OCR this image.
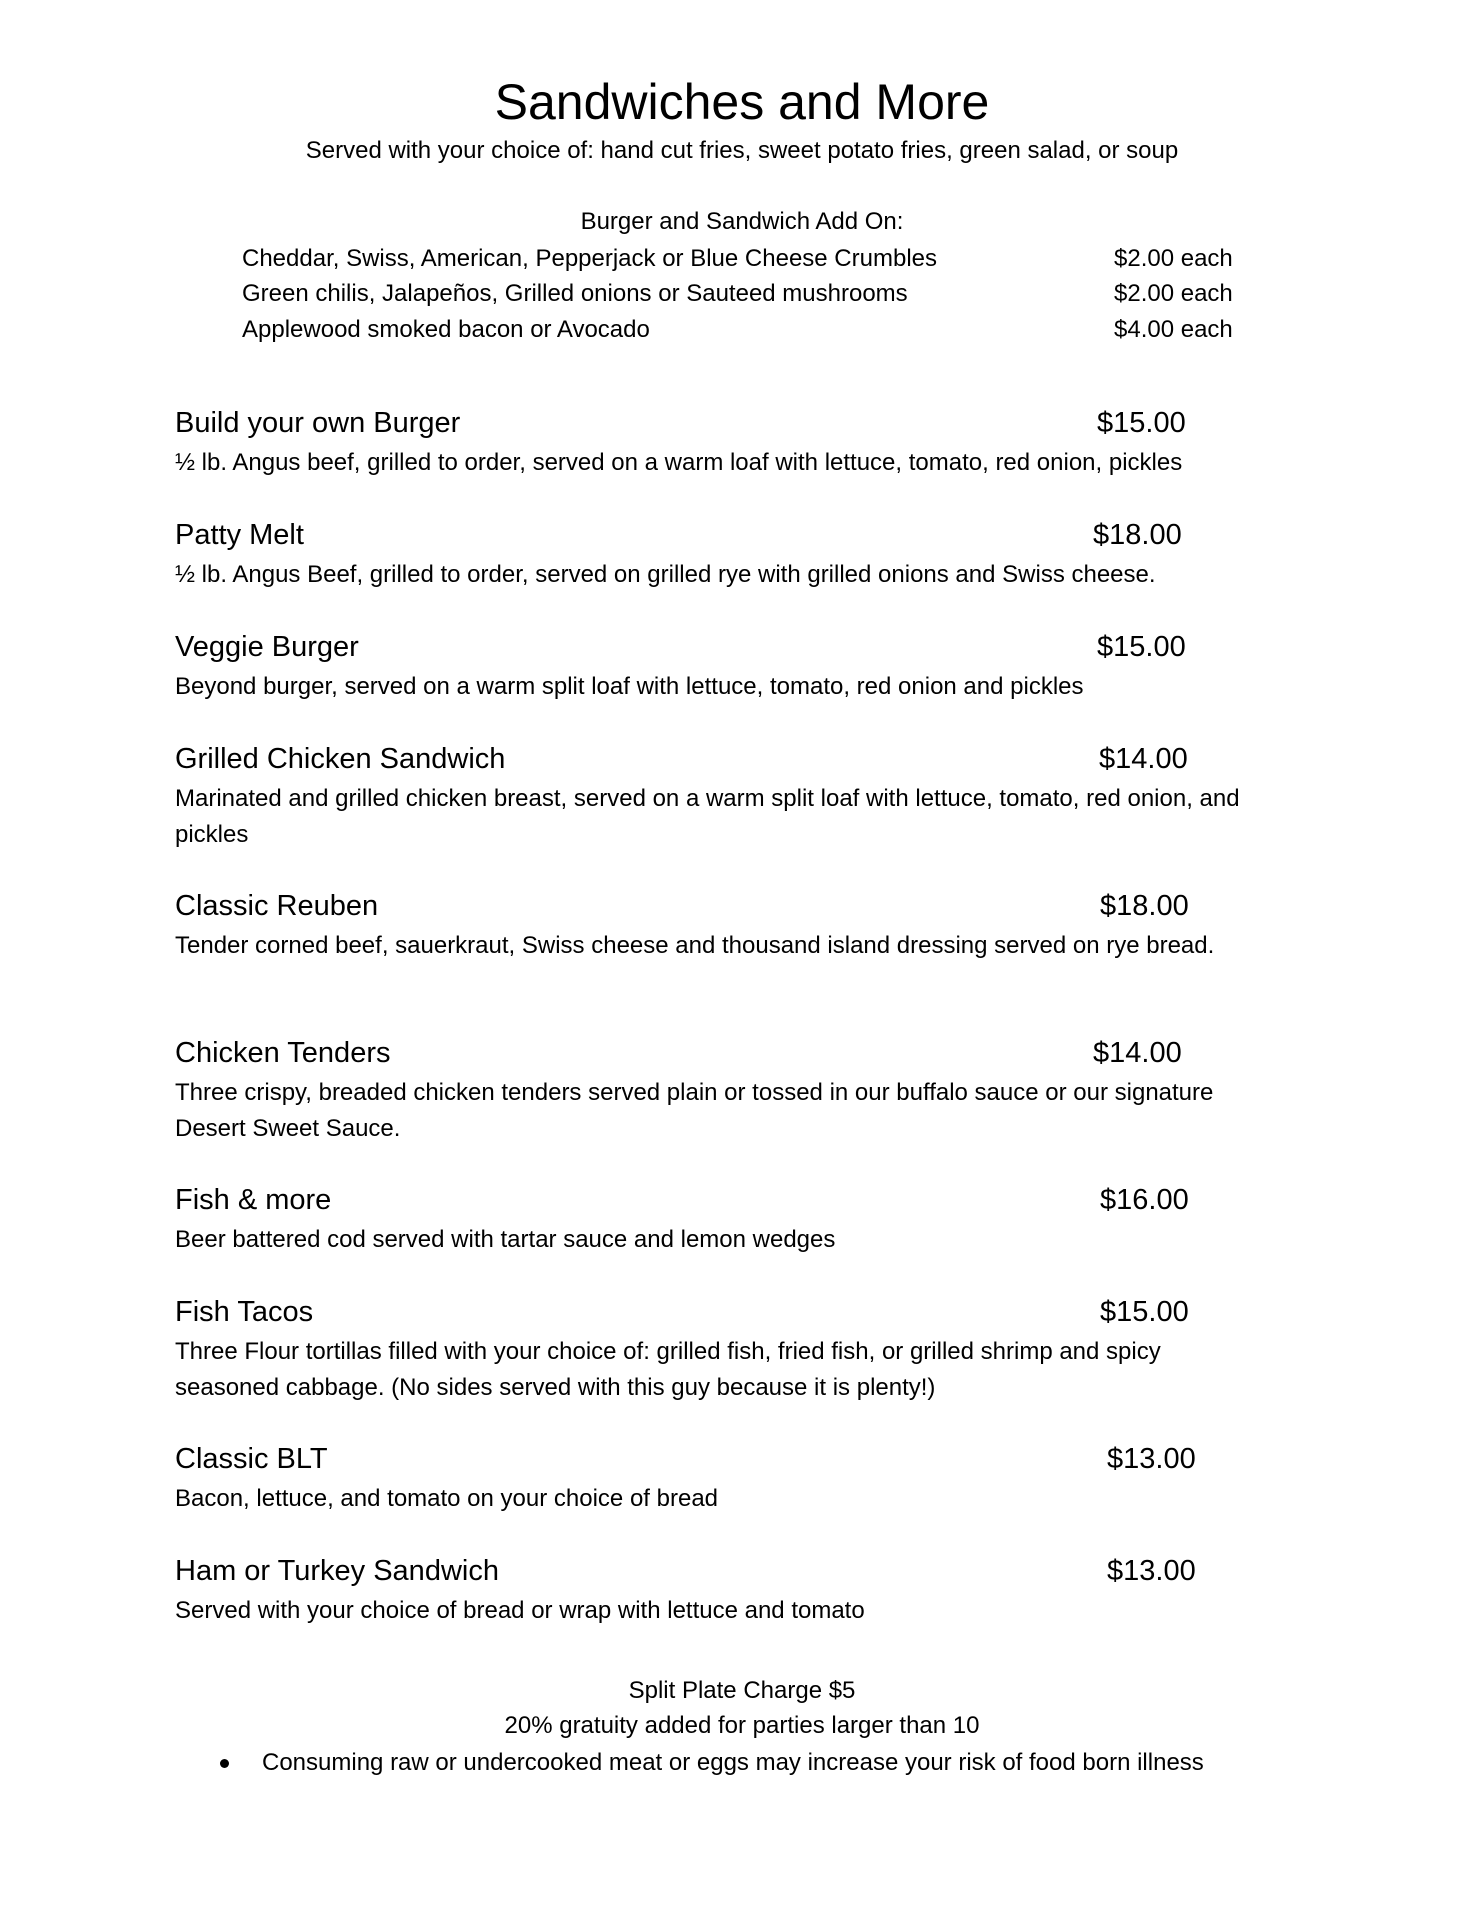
Sandwiches and More
Served with your choice of: hand cut fries, sweet potato fries, green salad, or soup
Burger and Sandwich Add On:
Cheddar, Swiss, American, Pepperjack or Blue Cheese Crumbles	$2.00 each
Green chilis, Jalapeños, Grilled onions or Sauteed mushrooms	$2.00 each
Applewood smoked bacon or Avocado	$4.00 each
Build your own Burger	$15.00
½ lb. Angus beef, grilled to order, served on a warm loaf with lettuce, tomato, red onion, pickles
Patty Melt	$18.00
½ lb. Angus Beef, grilled to order, served on grilled rye with grilled onions and Swiss cheese.
Veggie Burger	$15.00
Beyond burger, served on a warm split loaf with lettuce, tomato, red onion and pickles
Grilled Chicken Sandwich	$14.00
Marinated and grilled chicken breast, served on a warm split loaf with lettuce, tomato, red onion, and pickles
Classic Reuben	$18.00
Tender corned beef, sauerkraut, Swiss cheese and thousand island dressing served on rye bread.
Chicken Tenders	$14.00
Three crispy, breaded chicken tenders served plain or tossed in our buffalo sauce or our signature Desert Sweet Sauce.
Fish & more	$16.00
Beer battered cod served with tartar sauce and lemon wedges
Fish Tacos	$15.00
Three Flour tortillas filled with your choice of: grilled fish, fried fish, or grilled shrimp and spicy seasoned cabbage. (No sides served with this guy because it is plenty!)
Classic BLT	$13.00
Bacon, lettuce, and tomato on your choice of bread
Ham or Turkey Sandwich	$13.00
Served with your choice of bread or wrap with lettuce and tomato
Split Plate Charge $5
20% gratuity added for parties larger than 10
Consuming raw or undercooked meat or eggs may increase your risk of food born illness
